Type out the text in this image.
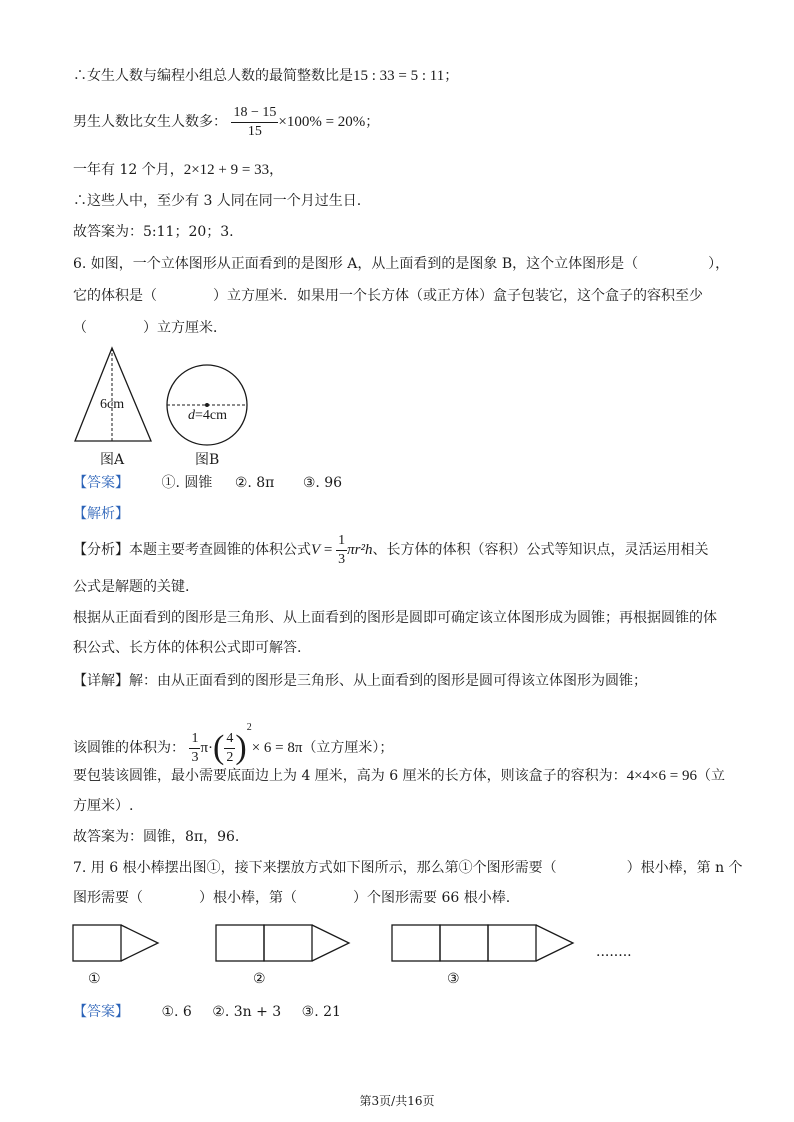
∴女生人数与编程小组总人数的最简整数比是15 : 33 = 5 : 11；
男生人数比女生人数多： $\frac{18 - 15}{15} \times 100\% = 20\%$；
一年有 12 个月，2×12 + 9 = 33，
∴这些人中，至少有 3 人同在同一个月过生日.
故答案为：5:11；20；3.
6. 如图，一个立体图形从正面看到的是图形 A，从上面看到的是图象 B，这个立体图形是（　　　　　），
它的体积是（　　　　）立方厘米．如果用一个长方体（或正方体）盒子包装它，这个盒子的容积至少
（　　　　）立方厘米．
6cm
图A
d=4cm
图B
【答案】 ①. 圆锥 ②. 8π ③. 96
【解析】
【分析】本题主要考查圆锥的体积公式$V = \frac{1}{3} \pi r^2h$、长方体的体积（容积）公式等知识点，灵活运用相关
公式是解题的关键.
根据从正面看到的图形是三角形、从上面看到的图形是圆即可确定该立体图形成为圆锥；再根据圆锥的体
积公式、长方体的体积公式即可解答.
【详解】解：由从正面看到的图形是三角形、从上面看到的图形是圆可得该立体图形为圆锥；
该圆锥的体积为： $\frac{1}{3} \pi\cdot( \frac{4}{2} )^2\times 6 = 8\pi$（立方厘米）；
要包装该圆锥，最小需要底面边上为 4 厘米，高为 6 厘米的长方体，则该盒子的容积为：4×4×6 = 96（立
方厘米）.
故答案为：圆锥，8π，96.
7. 用 6 根小棒摆出图①，接下来摆放方式如下图所示，那么第①个图形需要（　　　　　）根小棒，第 n 个
图形需要（　　　　）根小棒，第（　　　　）个图形需要 66 根小棒.
........
①	②	③
【答案】 ①. 6 ②. 3n + 3 ③. 21
第3页/共16页
